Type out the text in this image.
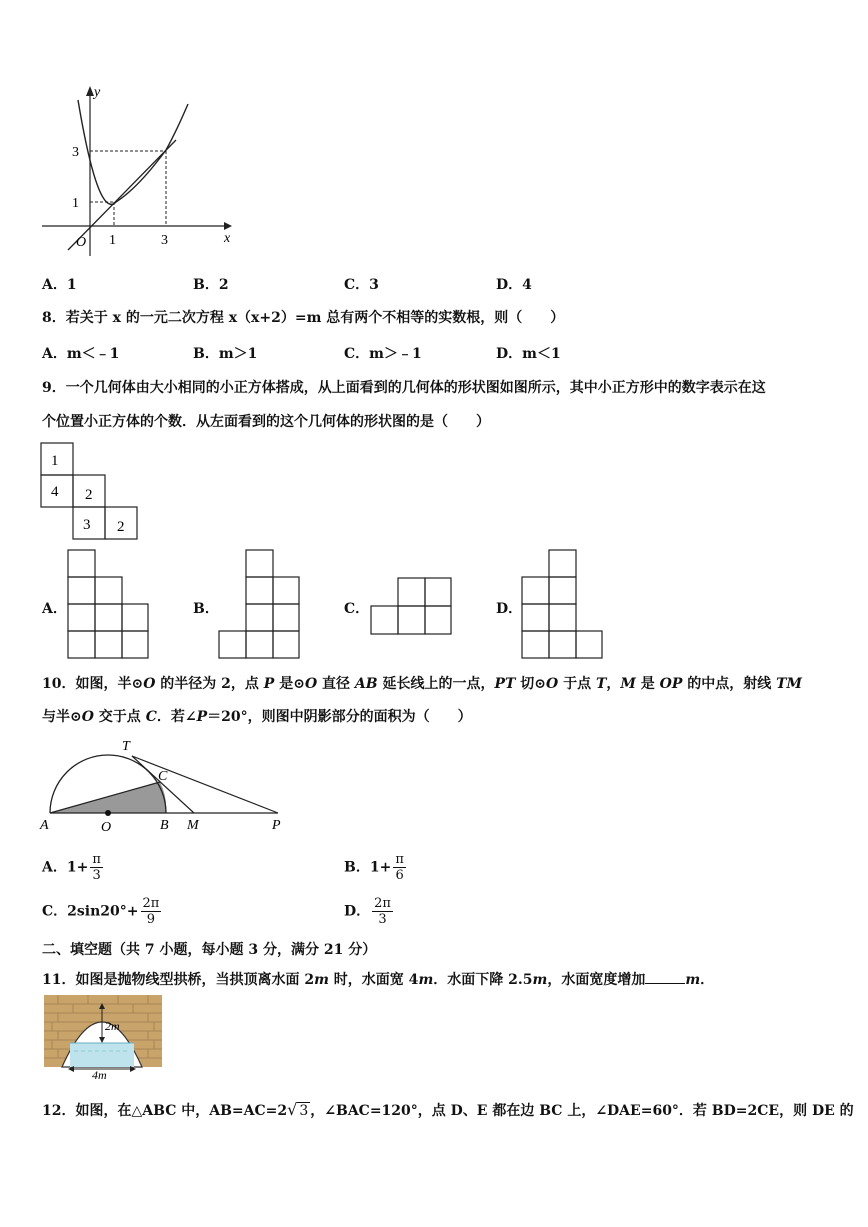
y
x
O
3
1
1	3
A．1	B．2	C．3	D．4
8．若关于 x 的一元二次方程 x（x+2）=m 总有两个不相等的实数根，则（　　）
A．m＜﹣1	B．m＞1	C．m＞﹣1	D．m＜1
9．一个几何体由大小相同的小正方体搭成，从上面看到的几何体的形状图如图所示，其中小正方形中的数字表示在这
个位置小正方体的个数．从左面看到的这个几何体的形状图的是（　　）
1
4 2
3 2
A．	B．	C．	D．
10．如图，半⊙O 的半径为 2，点 P 是⊙O 直径 AB 延长线上的一点，PT 切⊙O 于点 T，M 是 OP 的中点，射线 TM
与半⊙O 交于点 C．若∠P＝20°，则图中阴影部分的面积为（　　）
T
C
A	O	B M	P
A．$1+ \frac{\pi}{3}$	B．$1+ \frac{\pi}{6}$
C．$2\sin 20^\circ+ \frac{2\pi}{9}$	D． $\frac{2\pi}{3}$
二、填空题（共 7 小题，每小题 3 分，满分 21 分）
11．如图是抛物线型拱桥，当拱顶离水面 2m 时，水面宽 4m．水面下降 2.5m，水面宽度增加	m．
2m
4m
12．如图，在△ABC 中，AB=AC=2√ 3 ，∠BAC=120°，点 D、E 都在边 BC 上，∠DAE=60°．若 BD=2CE，则 DE 的
